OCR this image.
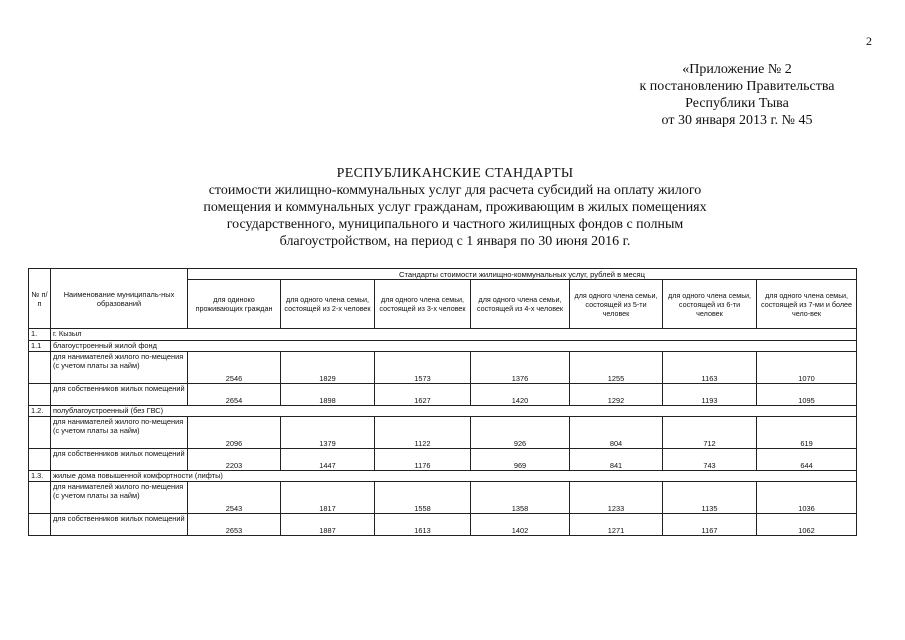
2
«Приложение № 2
к постановлению Правительства
Республики Тыва
от 30 января 2013 г. № 45
РЕСПУБЛИКАНСКИЕ СТАНДАРТЫ
стоимости жилищно-коммунальных услуг для расчета субсидий на оплату жилого
помещения и коммунальных услуг гражданам, проживающим в жилых помещениях
государственного, муниципального и частного жилищных фондов с полным
благоустройством, на период с 1 января по 30 июня 2016 г.
№ п/п	Наименование муниципаль-ных образований	Стандарты стоимости жилищно-коммунальных услуг, рублей в месяц						
		для одиноко проживающих граждан	для одного члена семьи, состоящей из 2-х человек	для одного члена семьи, состоящей из 3-х человек	для одного члена семьи, состоящей из 4-х человек	для одного члена семьи, состоящей из 5-ти человек	для одного члена семьи, состоящей из 6-ти человек	для одного члена семьи, состоящей из 7-ми и более чело-век
1.	г. Кызыл							
1.1	благоустроенный жилой фонд							
	для нанимателей жилого по-мещения (с учетом платы за найм)	2546	1829	1573	1376	1255	1163	1070
	для собственников жилых помещений	2654	1898	1627	1420	1292	1193	1095
1.2.	полублагоустроенный (без ГВС)							
	для нанимателей жилого по-мещения (с учетом платы за найм)	2096	1379	1122	926	804	712	619
	для собственников жилых помещений	2203	1447	1176	969	841	743	644
1.3.	жилые дома повышенной комфортности (лифты)							
	для нанимателей жилого по-мещения (с учетом платы за найм)	2543	1817	1558	1358	1233	1135	1036
	для собственников жилых помещений	2653	1887	1613	1402	1271	1167	1062
